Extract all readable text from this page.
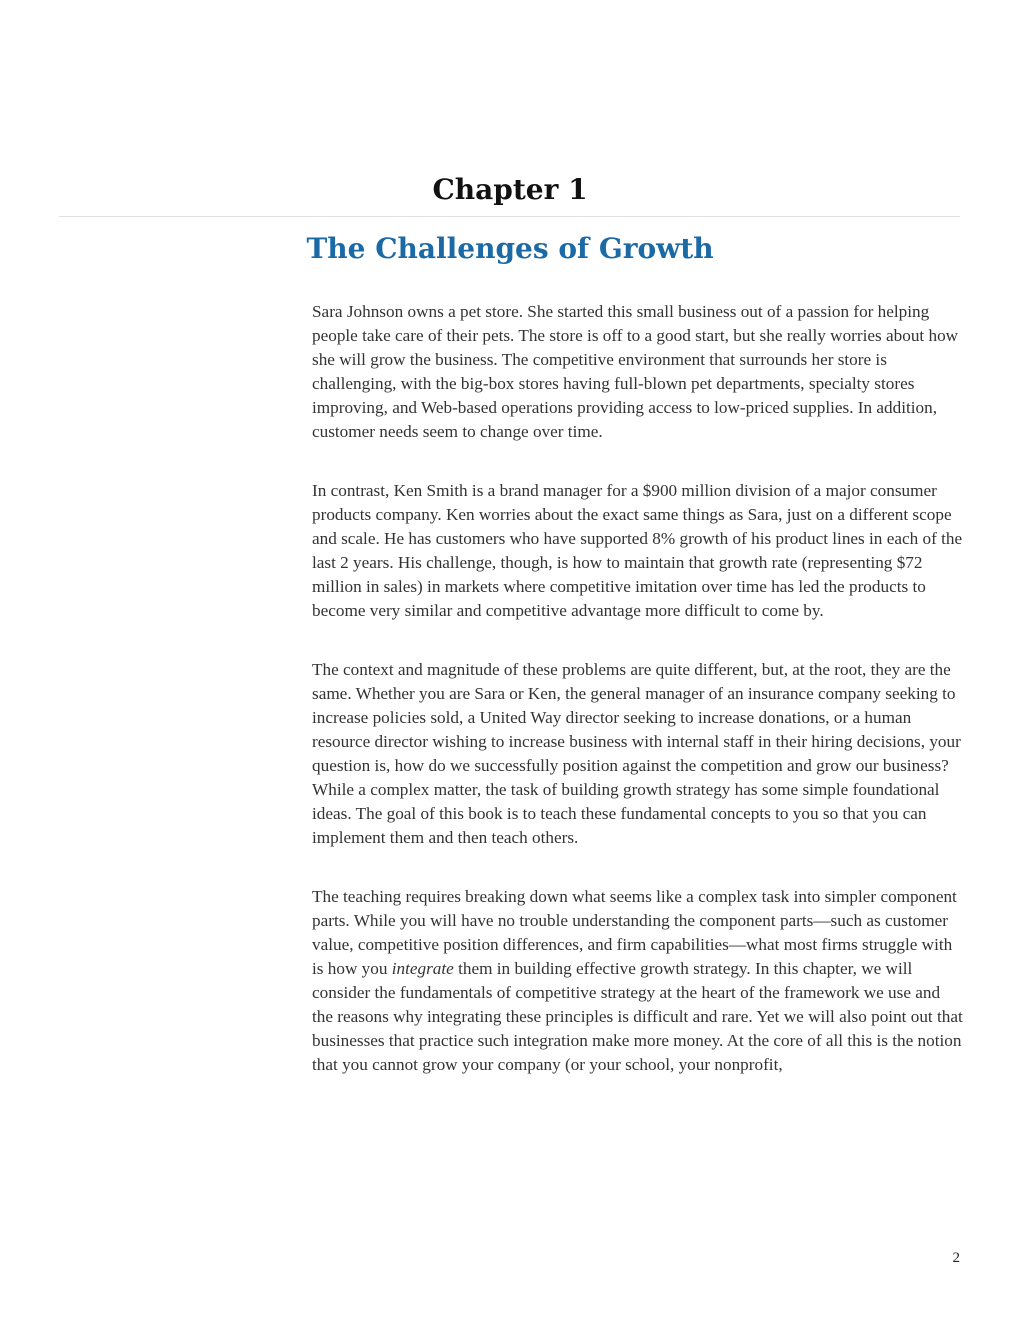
Chapter 1
The Challenges of Growth

Sara Johnson owns a pet store. She started this small business out of a passion for helping people take care of their pets. The store is off to a good start, but she really worries about how she will grow the business. The competitive environment that surrounds her store is challenging, with the big-box stores having full-blown pet departments, specialty stores improving, and Web-based operations providing access to low-priced supplies. In addition, customer needs seem to change over time.

In contrast, Ken Smith is a brand manager for a $900 million division of a major consumer products company. Ken worries about the exact same things as Sara, just on a different scope and scale. He has customers who have supported 8% growth of his product lines in each of the last 2 years. His challenge, though, is how to maintain that growth rate (representing $72 million in sales) in markets where competitive imitation over time has led the products to become very similar and competitive advantage more difficult to come by.

The context and magnitude of these problems are quite different, but, at the root, they are the same. Whether you are Sara or Ken, the general manager of an insurance company seeking to increase policies sold, a United Way director seeking to increase donations, or a human resource director wishing to increase business with internal staff in their hiring decisions, your question is, how do we successfully position against the competition and grow our business? While a complex matter, the task of building growth strategy has some simple foundational ideas. The goal of this book is to teach these fundamental concepts to you so that you can implement them and then teach others.

The teaching requires breaking down what seems like a complex task into simpler component parts. While you will have no trouble understanding the component parts—such as customer value, competitive position differences, and firm capabilities—what most firms struggle with is how you integrate them in building effective growth strategy. In this chapter, we will consider the fundamentals of competitive strategy at the heart of the framework we use and the reasons why integrating these principles is difficult and rare. Yet we will also point out that businesses that practice such integration make more money. At the core of all this is the notion that you cannot grow your company (or your school, your nonprofit,

2
